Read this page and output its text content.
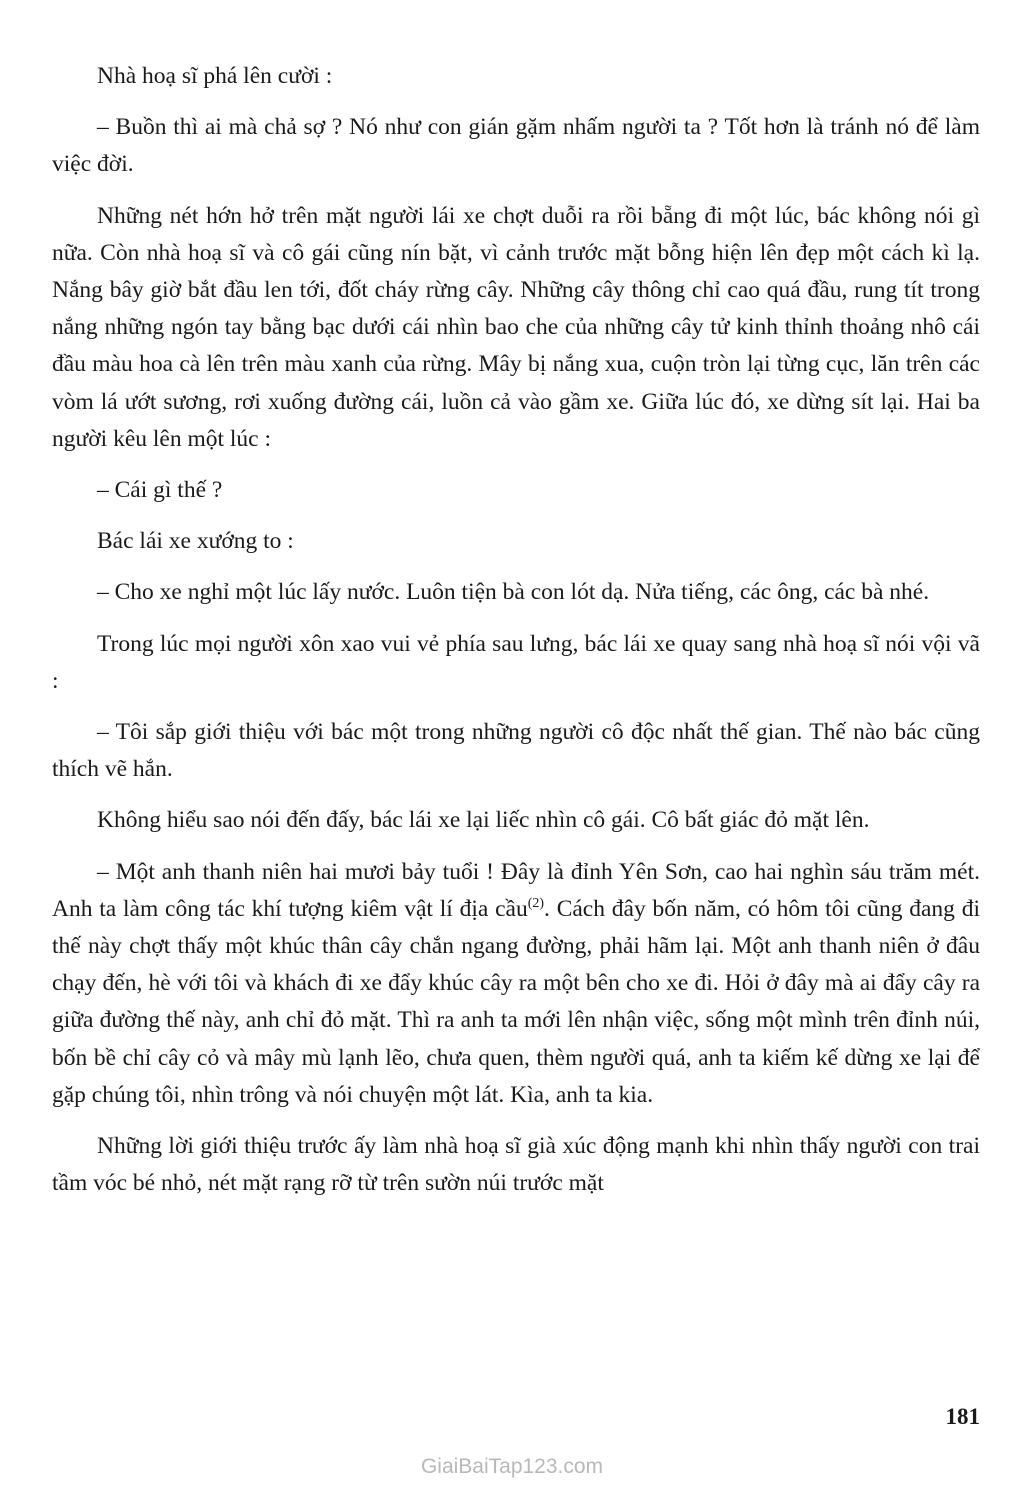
Nhà hoạ sĩ phá lên cười :

– Buồn thì ai mà chả sợ ? Nó như con gián gặm nhấm người ta ? Tốt hơn là tránh nó để làm việc đời.

Những nét hớn hở trên mặt người lái xe chợt duỗi ra rồi bẵng đi một lúc, bác không nói gì nữa. Còn nhà hoạ sĩ và cô gái cũng nín bặt, vì cảnh trước mặt bỗng hiện lên đẹp một cách kì lạ. Nắng bây giờ bắt đầu len tới, đốt cháy rừng cây. Những cây thông chỉ cao quá đầu, rung tít trong nắng những ngón tay bằng bạc dưới cái nhìn bao che của những cây tử kinh thỉnh thoảng nhô cái đầu màu hoa cà lên trên màu xanh của rừng. Mây bị nắng xua, cuộn tròn lại từng cục, lăn trên các vòm lá ướt sương, rơi xuống đường cái, luồn cả vào gầm xe. Giữa lúc đó, xe dừng sít lại. Hai ba người kêu lên một lúc :

– Cái gì thế ?

Bác lái xe xướng to :

– Cho xe nghỉ một lúc lấy nước. Luôn tiện bà con lót dạ. Nửa tiếng, các ông, các bà nhé.

Trong lúc mọi người xôn xao vui vẻ phía sau lưng, bác lái xe quay sang nhà hoạ sĩ nói vội vã :

– Tôi sắp giới thiệu với bác một trong những người cô độc nhất thế gian. Thế nào bác cũng thích vẽ hắn.

Không hiểu sao nói đến đấy, bác lái xe lại liếc nhìn cô gái. Cô bất giác đỏ mặt lên.

– Một anh thanh niên hai mươi bảy tuổi ! Đây là đỉnh Yên Sơn, cao hai nghìn sáu trăm mét. Anh ta làm công tác khí tượng kiêm vật lí địa cầu$^{(2)}$. Cách đây bốn năm, có hôm tôi cũng đang đi thế này chợt thấy một khúc thân cây chắn ngang đường, phải hãm lại. Một anh thanh niên ở đâu chạy đến, hè với tôi và khách đi xe đẩy khúc cây ra một bên cho xe đi. Hỏi ở đây mà ai đẩy cây ra giữa đường thế này, anh chỉ đỏ mặt. Thì ra anh ta mới lên nhận việc, sống một mình trên đỉnh núi, bốn bề chỉ cây cỏ và mây mù lạnh lẽo, chưa quen, thèm người quá, anh ta kiếm kế dừng xe lại để gặp chúng tôi, nhìn trông và nói chuyện một lát. Kìa, anh ta kia.

Những lời giới thiệu trước ấy làm nhà hoạ sĩ già xúc động mạnh khi nhìn thấy người con trai tầm vóc bé nhỏ, nét mặt rạng rỡ từ trên sườn núi trước mặt

181
GiaiBaiTap123.com
